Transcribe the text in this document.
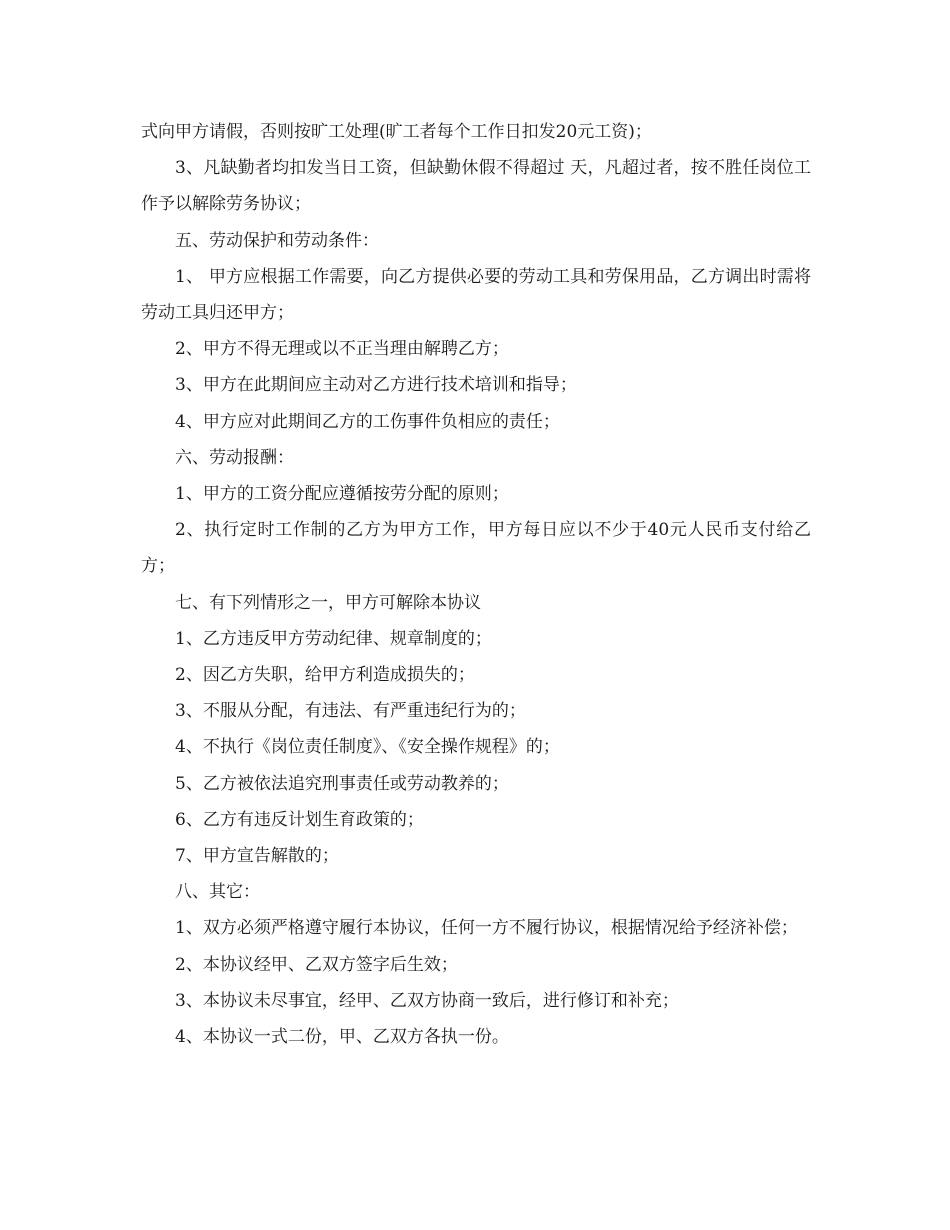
式向甲方请假，否则按旷工处理(旷工者每个工作日扣发20元工资)；

3、凡缺勤者均扣发当日工资，但缺勤休假不得超过 天，凡超过者，按不胜任岗位工作予以解除劳务协议；

五、劳动保护和劳动条件：

1、 甲方应根据工作需要，向乙方提供必要的劳动工具和劳保用品，乙方调出时需将劳动工具归还甲方；

2、甲方不得无理或以不正当理由解聘乙方；

3、甲方在此期间应主动对乙方进行技术培训和指导；

4、甲方应对此期间乙方的工伤事件负相应的责任；

六、劳动报酬：

1、甲方的工资分配应遵循按劳分配的原则；

2、执行定时工作制的乙方为甲方工作，甲方每日应以不少于40元人民币支付给乙方；

七、有下列情形之一，甲方可解除本协议

1、乙方违反甲方劳动纪律、规章制度的；

2、因乙方失职，给甲方利造成损失的；

3、不服从分配，有违法、有严重违纪行为的；

4、不执行《岗位责任制度》、《安全操作规程》的；

5、乙方被依法追究刑事责任或劳动教养的；

6、乙方有违反计划生育政策的；

7、甲方宣告解散的；

八、其它：

1、双方必须严格遵守履行本协议，任何一方不履行协议，根据情况给予经济补偿；

2、本协议经甲、乙双方签字后生效；

3、本协议未尽事宜，经甲、乙双方协商一致后，进行修订和补充；

4、本协议一式二份，甲、乙双方各执一份。
